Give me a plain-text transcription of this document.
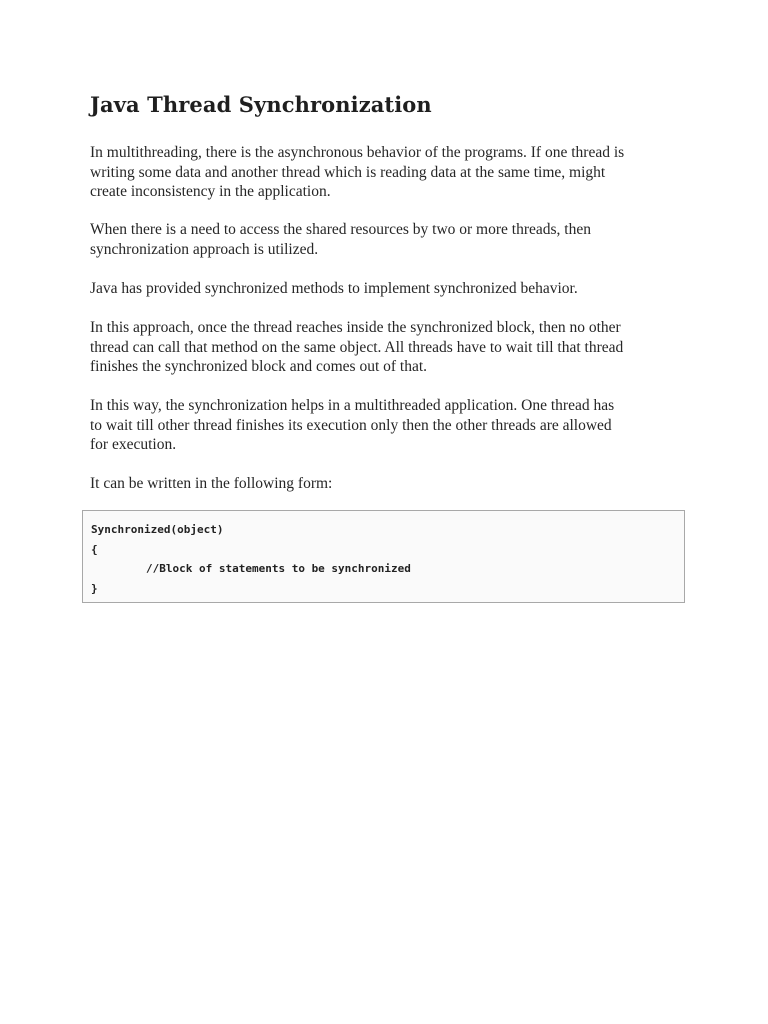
Java Thread Synchronization

In multithreading, there is the asynchronous behavior of the programs. If one thread is
writing some data and another thread which is reading data at the same time, might
create inconsistency in the application.

When there is a need to access the shared resources by two or more threads, then
synchronization approach is utilized.

Java has provided synchronized methods to implement synchronized behavior.

In this approach, once the thread reaches inside the synchronized block, then no other
thread can call that method on the same object. All threads have to wait till that thread
finishes the synchronized block and comes out of that.

In this way, the synchronization helps in a multithreaded application. One thread has
to wait till other thread finishes its execution only then the other threads are allowed
for execution.

It can be written in the following form:

Synchronized(object)
{
//Block of statements to be synchronized
}
